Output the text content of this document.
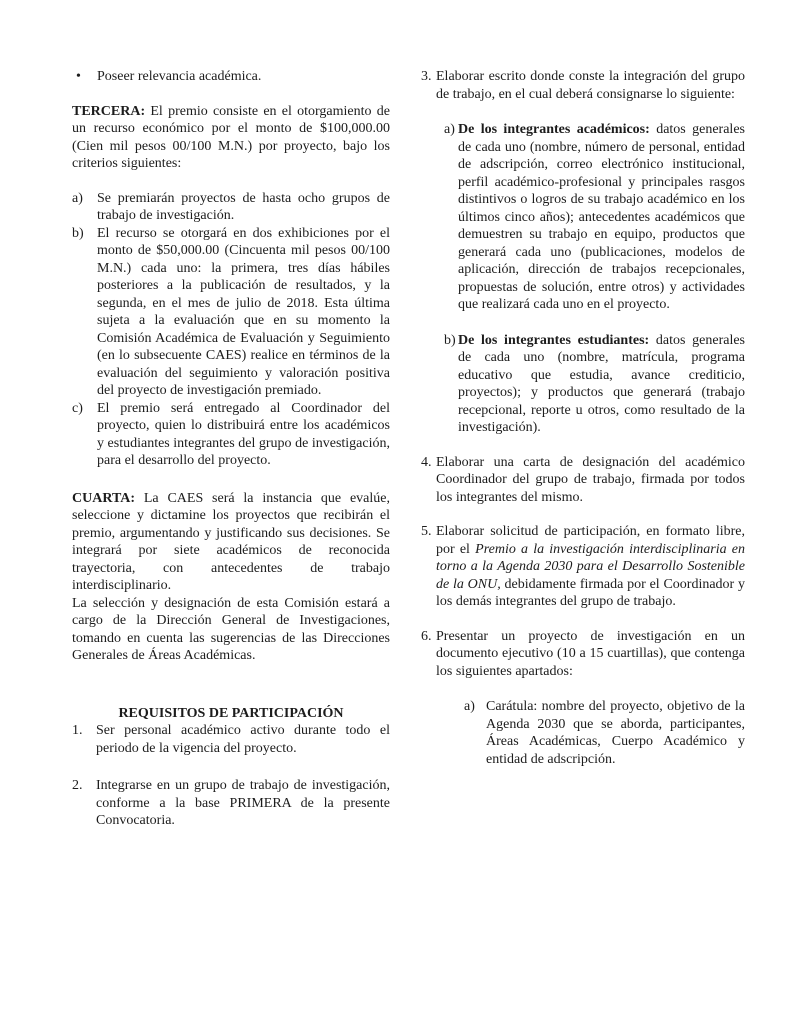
•	Poseer relevancia académica.

TERCERA: El premio consiste en el otorgamiento de un recurso económico por el monto de $100,000.00 (Cien mil pesos 00/100 M.N.) por proyecto, bajo los criterios siguientes:

a)	Se premiarán proyectos de hasta ocho grupos de trabajo de investigación.
b) El recurso se otorgará en dos exhibiciones por el monto de $50,000.00 (Cincuenta mil pesos 00/100 M.N.) cada uno: la primera, tres días hábiles posteriores a la publicación de resultados, y la segunda, en el mes de julio de 2018. Esta última sujeta a la evaluación que en su momento la Comisión Académica de Evaluación y Seguimiento (en lo subsecuente CAES) realice en términos de la evaluación del seguimiento y valoración positiva del proyecto de investigación premiado.
c)	El premio será entregado al Coordinador del proyecto, quien lo distribuirá entre los académicos y estudiantes integrantes del grupo de investigación, para el desarrollo del proyecto.

CUARTA: La CAES será la instancia que evalúe, seleccione y dictamine los proyectos que recibirán el premio, argumentando y justificando sus decisiones. Se integrará por siete académicos de reconocida trayectoria, con antecedentes de trabajo interdisciplinario.

La selección y designación de esta Comisión estará a cargo de la Dirección General de Investigaciones, tomando en cuenta las sugerencias de las Direcciones Generales de Áreas Académicas.

REQUISITOS DE PARTICIPACIÓN
1. Ser personal académico activo durante todo el periodo de la vigencia del proyecto.
2. Integrarse en un grupo de trabajo de investigación, conforme a la base PRIMERA de la presente Convocatoria.
3. Elaborar escrito donde conste la integración del grupo de trabajo, en el cual deberá consignarse lo siguiente:
a) De los integrantes académicos: datos generales de cada uno (nombre, número de personal, entidad de adscripción, correo electrónico institucional, perfil académico-profesional y principales rasgos distintivos o logros de su trabajo académico en los últimos cinco años); antecedentes académicos que demuestren su trabajo en equipo, productos que generará cada uno (publicaciones, modelos de aplicación, dirección de trabajos recepcionales, propuestas de solución, entre otros) y actividades que realizará cada uno en el proyecto.
b) De los integrantes estudiantes: datos generales de cada uno (nombre, matrícula, programa educativo que estudia, avance crediticio, proyectos); y productos que generará (trabajo recepcional, reporte u otros, como resultado de la investigación).
4. Elaborar una carta de designación del académico Coordinador del grupo de trabajo, firmada por todos los integrantes del mismo.
5. Elaborar solicitud de participación, en formato libre, por el Premio a la investigación interdisciplinaria en torno a la Agenda 2030 para el Desarrollo Sostenible de la ONU, debidamente firmada por el Coordinador y los demás integrantes del grupo de trabajo.
6. Presentar un proyecto de investigación en un documento ejecutivo (10 a 15 cuartillas), que contenga los siguientes apartados:
a) Carátula: nombre del proyecto, objetivo de la Agenda 2030 que se aborda, participantes, Áreas Académicas, Cuerpo Académico y entidad de adscripción.
